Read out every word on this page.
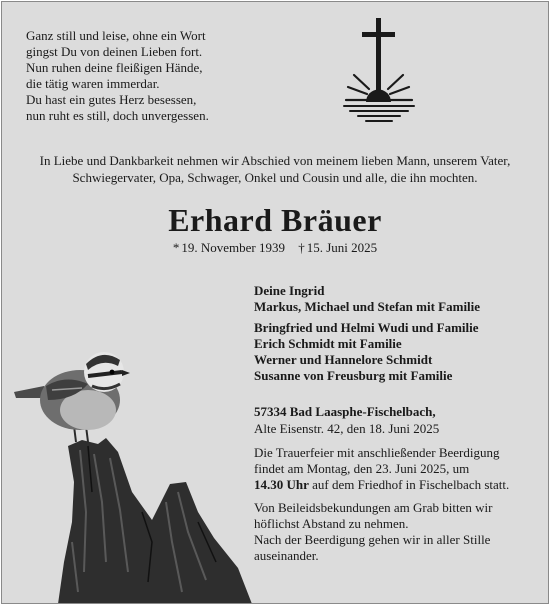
Ganz still und leise, ohne ein Wort
gingst Du von deinen Lieben fort.
Nun ruhen deine fleißigen Hände,
die tätig waren immerdar.
Du hast ein gutes Herz besessen,
nun ruht es still, doch unvergessen.
In Liebe und Dankbarkeit nehmen wir Abschied von meinem lieben Mann, unserem Vater,
Schwiegervater, Opa, Schwager, Onkel und Cousin und alle, die ihn mochten.
Erhard Bräuer
* 19. November 1939 † 15. Juni 2025
Deine Ingrid
Markus, Michael und Stefan mit Familie
Bringfried und Helmi Wudi und Familie
Erich Schmidt mit Familie
Werner und Hannelore Schmidt
Susanne von Freusburg mit Familie
57334 Bad Laasphe-Fischelbach,
Alte Eisenstr. 42, den 18. Juni 2025
Die Trauerfeier mit anschließender Beerdigung
findet am Montag, den 23. Juni 2025, um
14.30 Uhr auf dem Friedhof in Fischelbach statt.
Von Beileidsbekundungen am Grab bitten wir
höflichst Abstand zu nehmen.
Nach der Beerdigung gehen wir in aller Stille
auseinander.
